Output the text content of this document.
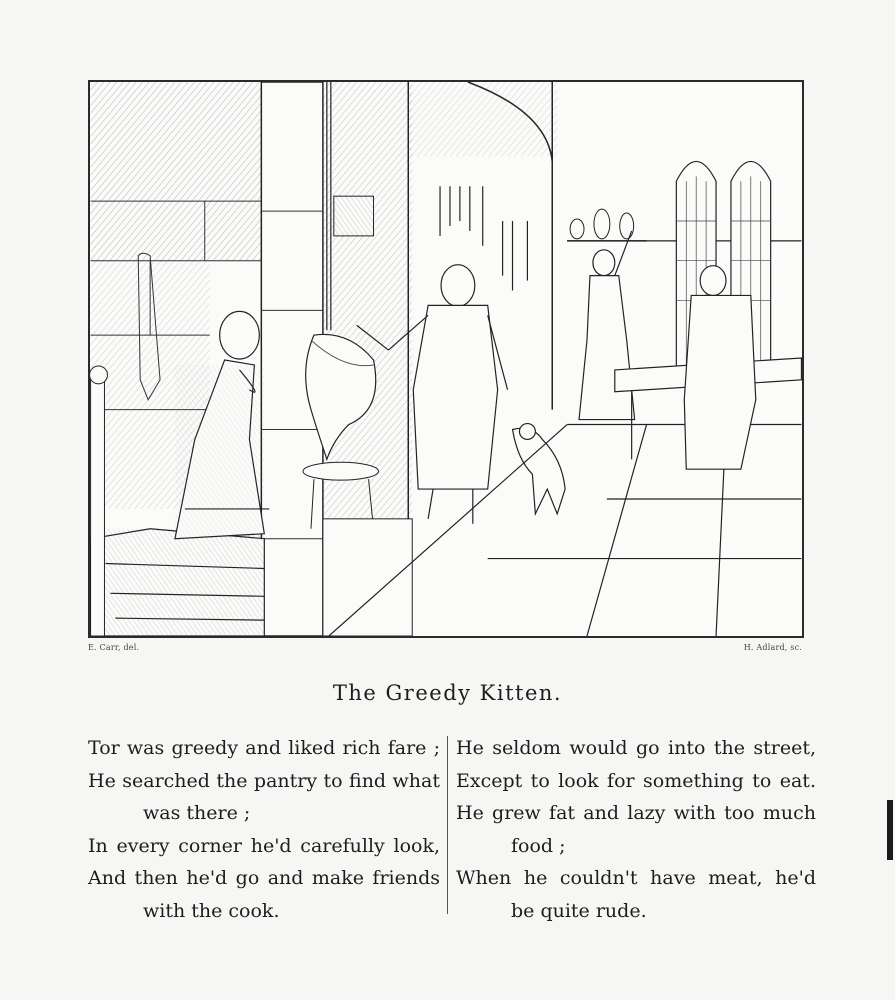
E. Carr, del.	H. Adlard, sc.
The Greedy Kitten.
Tor was greedy and liked rich fare ;
He searched the pantry to find what
was there ;
In every corner he'd carefully look,
And then he'd go and make friends
with the cook.
He seldom would go into the street,
Except to look for something to eat.
He grew fat and lazy with too much
food ;
When he couldn't have meat, he'd
be quite rude.
